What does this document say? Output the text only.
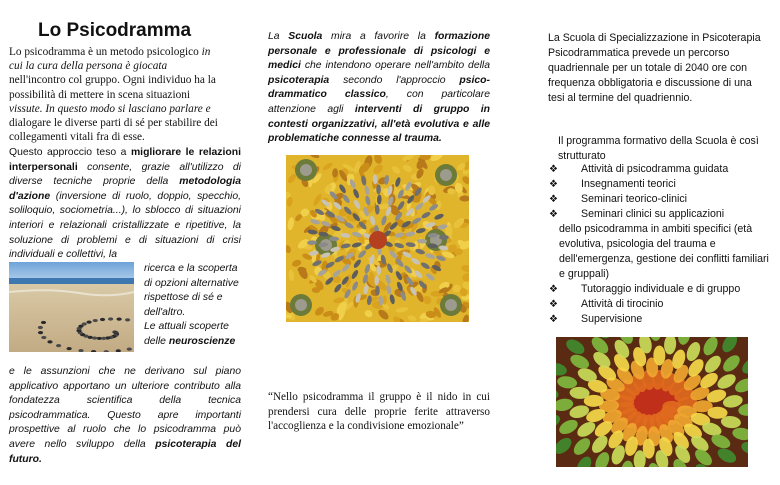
Lo Psicodramma

Lo psicodramma è un metodo psicologico in
cui la cura della persona è giocata
nell'incontro col gruppo. Ogni individuo ha la
possibilità di mettere in scena situazioni
vissute. In questo modo si lasciano parlare e
dialogare le diverse parti di sé per stabilire dei
collegamenti vitali fra di esse.

Questo approccio teso a migliorare le relazioni interpersonali consente, grazie all'utilizzo di diverse tecniche proprie della metodologia d'azione (inversione di ruolo, doppio, specchio, soliloquio, sociometria...), lo sblocco di situazioni interiori e relazionali cristallizzate e ripetitive, la soluzione di problemi e di situazioni di crisi individuali e collettivi, la

ricerca e la scoperta di opzioni alternative rispettose di sé e dell'altro.
Le attuali scoperte delle neuroscienze

e le assunzioni che ne derivano sul piano applicativo apportano un ulteriore contributo alla fondatezza scientifica della tecnica psicodrammatica. Questo apre importanti prospettive al ruolo che lo psicodramma può avere nello sviluppo della psicoterapia del futuro.

La Scuola mira a favorire la formazione personale e professionale di psicologi e medici che intendono operare nell'ambito della psicoterapia secondo l'approccio psico-drammatico classico, con particolare attenzione agli interventi di gruppo in contesti organizzativi, all'età evolutiva e alle problematiche connesse al trauma.

“Nello psicodramma il gruppo è il nido in cui prendersi cura delle proprie ferite attraverso l'accoglienza e la condivisione emozionale”

La Scuola di Specializzazione in Psicoterapia Psicodrammatica prevede un percorso quadriennale per un totale di 2040 ore con frequenza obbligatoria e discussione di una tesi al termine del quadriennio.

Il programma formativo della Scuola è così strutturato

❖	Attività di psicodramma guidata
❖	Insegnamenti teorici
❖	Seminari teorico-clinici
❖	Seminari clinici su applicazioni
dello psicodramma in ambiti specifici (età evolutiva, psicologia del trauma e dell'emergenza, gestione dei conflitti familiari e gruppali)
❖	Tutoraggio individuale e di gruppo
❖	Attività di tirocinio
❖	Supervisione
